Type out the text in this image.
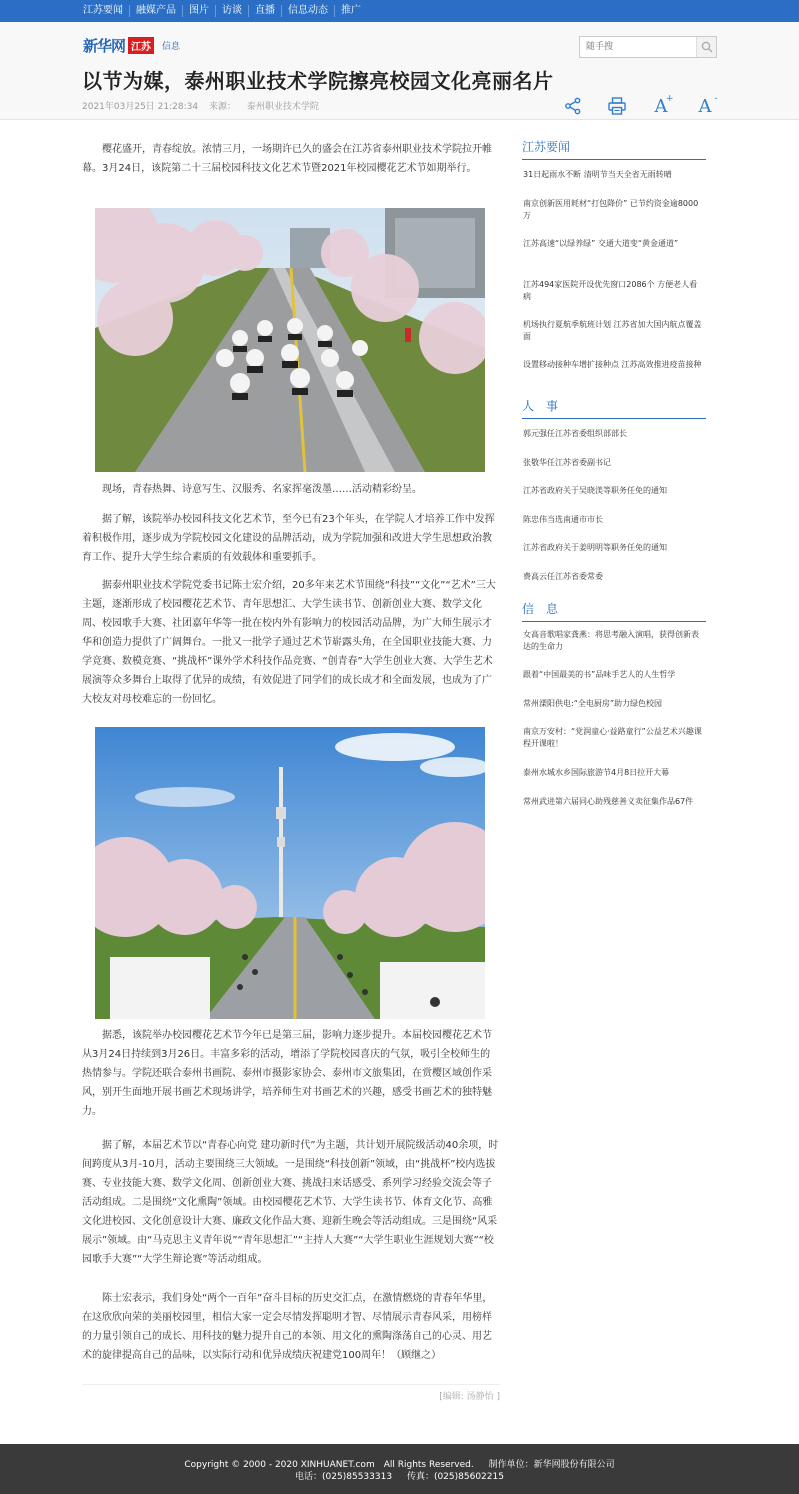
江苏要闻	融媒产品	图片	访谈	直播	信息动态	推广
新华网 江苏	信息
随手搜
以节为媒，泰州职业技术学院擦亮校园文化亮丽名片
2021年03月25日 21:28:34 来源： 泰州职业技术学院	A
+ A -

樱花盛开，青春绽放。浓情三月，一场期许已久的盛会在江苏省泰州职业技术学院拉开帷幕。3月24日，该院第二十三届校园科技文化艺术节暨2021年校园樱花艺术节如期举行。

现场，青春热舞、诗意写生、汉服秀、名家挥毫泼墨……活动精彩纷呈。

据了解，该院举办校园科技文化艺术节，至今已有23个年头，在学院人才培养工作中发挥着积极作用，逐步成为学院校园文化建设的品牌活动，成为学院加强和改进大学生思想政治教育工作、提升大学生综合素质的有效载体和重要抓手。

据泰州职业技术学院党委书记陈士宏介绍，20多年来艺术节围绕“科技”“文化”“艺术”三大主题，逐渐形成了校园樱花艺术节、青年思想汇、大学生读书节、创新创业大赛、数学文化周、校园歌手大赛、社团嘉年华等一批在校内外有影响力的校园活动品牌，为广大师生展示才华和创造力提供了广阔舞台。一批又一批学子通过艺术节崭露头角，在全国职业技能大赛、力学竞赛、数模竞赛、“挑战杯”课外学术科技作品竞赛、“创青春”大学生创业大赛、大学生艺术展演等众多舞台上取得了优异的成绩，有效促进了同学们的成长成才和全面发展，也成为了广大校友对母校难忘的一份回忆。

据悉，该院举办校园樱花艺术节今年已是第三届，影响力逐步提升。本届校园樱花艺术节从3月24日持续到3月26日。丰富多彩的活动，增添了学院校园喜庆的气氛，吸引全校师生的热情参与。学院还联合泰州书画院、泰州市摄影家协会、泰州市文旅集团，在赏樱区域创作采风，别开生面地开展书画艺术现场讲学，培养师生对书画艺术的兴趣，感受书画艺术的独特魅力。

据了解，本届艺术节以“青春心向党 建功新时代”为主题，共计划开展院级活动40余项，时间跨度从3月-10月，活动主要围绕三大领域。一是围绕“科技创新”领域，由“挑战杯”校内选拔赛、专业技能大赛、数学文化周、创新创业大赛、挑战扫来话感受、系列学习经验交流会等子活动组成。二是围绕“文化熏陶”领域。由校园樱花艺术节、大学生读书节、体育文化节、高雅文化进校园、文化创意设计大赛、廉政文化作品大赛、迎新生晚会等活动组成。三是围绕“风采展示”领域。由“马克思主义青年说”“青年思想汇”“主持人大赛”“大学生职业生涯规划大赛”“校园歌手大赛”“大学生辩论赛”等活动组成。

陈士宏表示，我们身处“两个一百年”奋斗目标的历史交汇点，在激情燃烧的青春年华里，在这欣欣向荣的美丽校园里，相信大家一定会尽情发挥聪明才智、尽情展示青春风采，用榜样的力量引领自己的成长、用科技的魅力提升自己的本领、用文化的熏陶涤荡自己的心灵、用艺术的旋律提高自己的品味，以实际行动和优异成绩庆祝建党100周年！（顾继之）

[编辑: 汤静怡 ]
江苏要闻
31日起雨水不断 清明节当天全省无雨转晴
南京创新医用耗材“打包降价” 已节约资金逾8000万
江苏高速“以绿养绿” 交通大道变“黄金通道”
江苏494家医院开设优先窗口2086个 方便老人看病
机场执行夏航季航班计划 江苏省加大国内航点覆盖面
设置移动接种车增扩接种点 江苏高效推进疫苗接种
人　事
郭元强任江苏省委组织部部长
张敬华任江苏省委副书记
江苏省政府关于吴晓渼等职务任免的通知
陈忠伟当选南通市市长
江苏省政府关于姜明明等职务任免的通知
费高云任江苏省委常委
信　息
女高音歌唱家龚燕：将思考融入演唱，获得创新表达的生命力
跟着“中国最美的书”品味手艺人的人生哲学
常州溧阳供电:“全电厨房”助力绿色校园
南京万安村：“党润童心·益路童行”公益艺术兴趣课程开课啦！
泰州水城水乡国际旅游节4月8日拉开大幕
常州武进第六届同心助残慈善义卖征集作品67件
Copyright © 2000 - 2020 XINHUANET.com　All Rights Reserved. 制作单位：新华网股份有限公司
电话：(025)85533313 传真：(025)85602215
